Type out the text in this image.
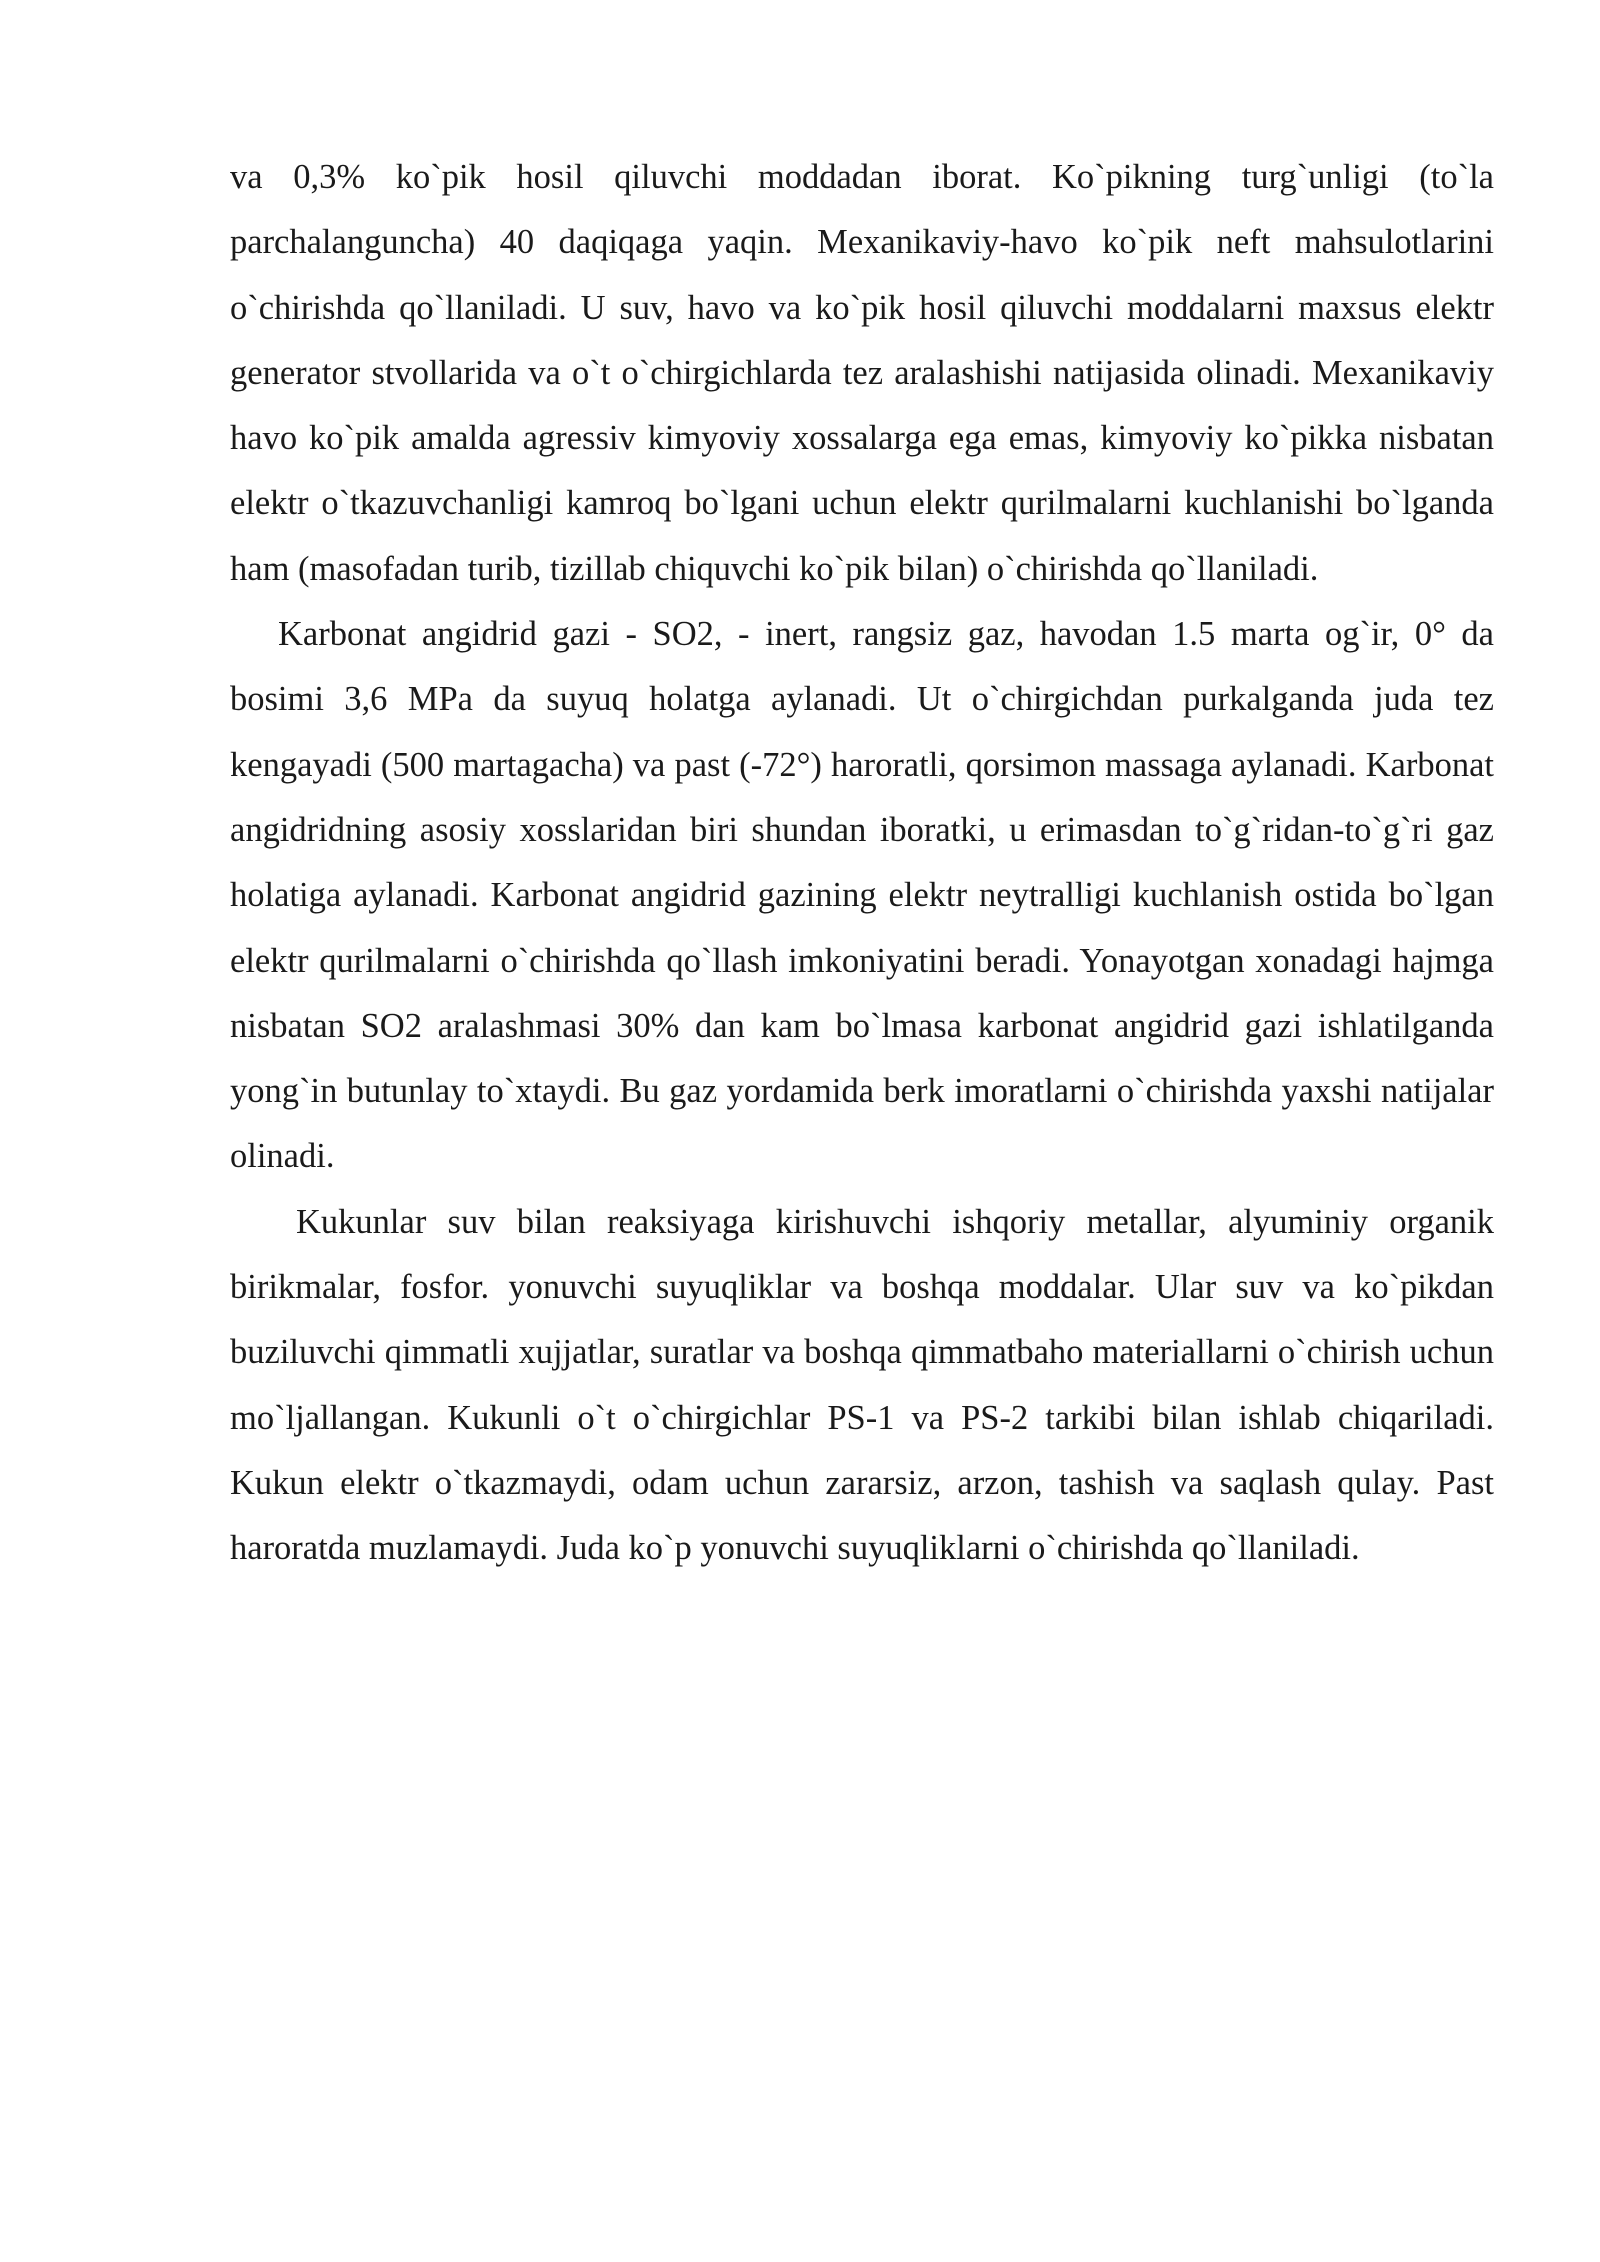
va 0,3% ko`pik hosil qiluvchi moddadan iborat. Ko`pikning turg`unligi (to`la parchalanguncha) 40 daqiqaga yaqin. Mexanikaviy-havo ko`pik neft mahsulotlarini o`chirishda qo`llaniladi. U suv, havo va ko`pik hosil qiluvchi moddalarni maxsus elektr generator stvollarida va o`t o`chirgichlarda tez aralashishi natijasida olinadi. Mexanikaviy havo ko`pik amalda agressiv kimyoviy xossalarga ega emas, kimyoviy ko`pikka nisbatan elektr o`tkazuvchanligi kamroq bo`lgani uchun elektr qurilmalarni kuchlanishi bo`lganda ham (masofadan turib, tizillab chiquvchi ko`pik bilan) o`chirishda qo`llaniladi.

Karbonat angidrid gazi - SO2, - inert, rangsiz gaz, havodan 1.5 marta og`ir, 0° da bosimi 3,6 MPa da suyuq holatga aylanadi. Ut o`chirgichdan purkalganda juda tez kengayadi (500 martagacha) va past (-72°) haroratli, qorsimon massaga aylanadi. Karbonat angidridning asosiy xosslaridan biri shundan iboratki, u erimasdan to`g`ridan-to`g`ri gaz holatiga aylanadi. Karbonat angidrid gazining elektr neytralligi kuchlanish ostida bo`lgan elektr qurilmalarni o`chirishda qo`llash imkoniyatini beradi. Yonayotgan xonadagi hajmga nisbatan SO2 aralashmasi 30% dan kam bo`lmasa karbonat angidrid gazi ishlatilganda yong`in butunlay to`xtaydi. Bu gaz yordamida berk imoratlarni o`chirishda yaxshi natijalar olinadi.

Kukunlar suv bilan reaksiyaga kirishuvchi ishqoriy metallar, alyuminiy organik birikmalar, fosfor. yonuvchi suyuqliklar va boshqa moddalar. Ular suv va ko`pikdan buziluvchi qimmatli xujjatlar, suratlar va boshqa qimmatbaho materiallarni o`chirish uchun mo`ljallangan. Kukunli o`t o`chirgichlar PS-1 va PS-2 tarkibi bilan ishlab chiqariladi. Kukun elektr o`tkazmaydi, odam uchun zararsiz, arzon, tashish va saqlash qulay. Past haroratda muzlamaydi. Juda ko`p yonuvchi suyuqliklarni o`chirishda qo`llaniladi.
